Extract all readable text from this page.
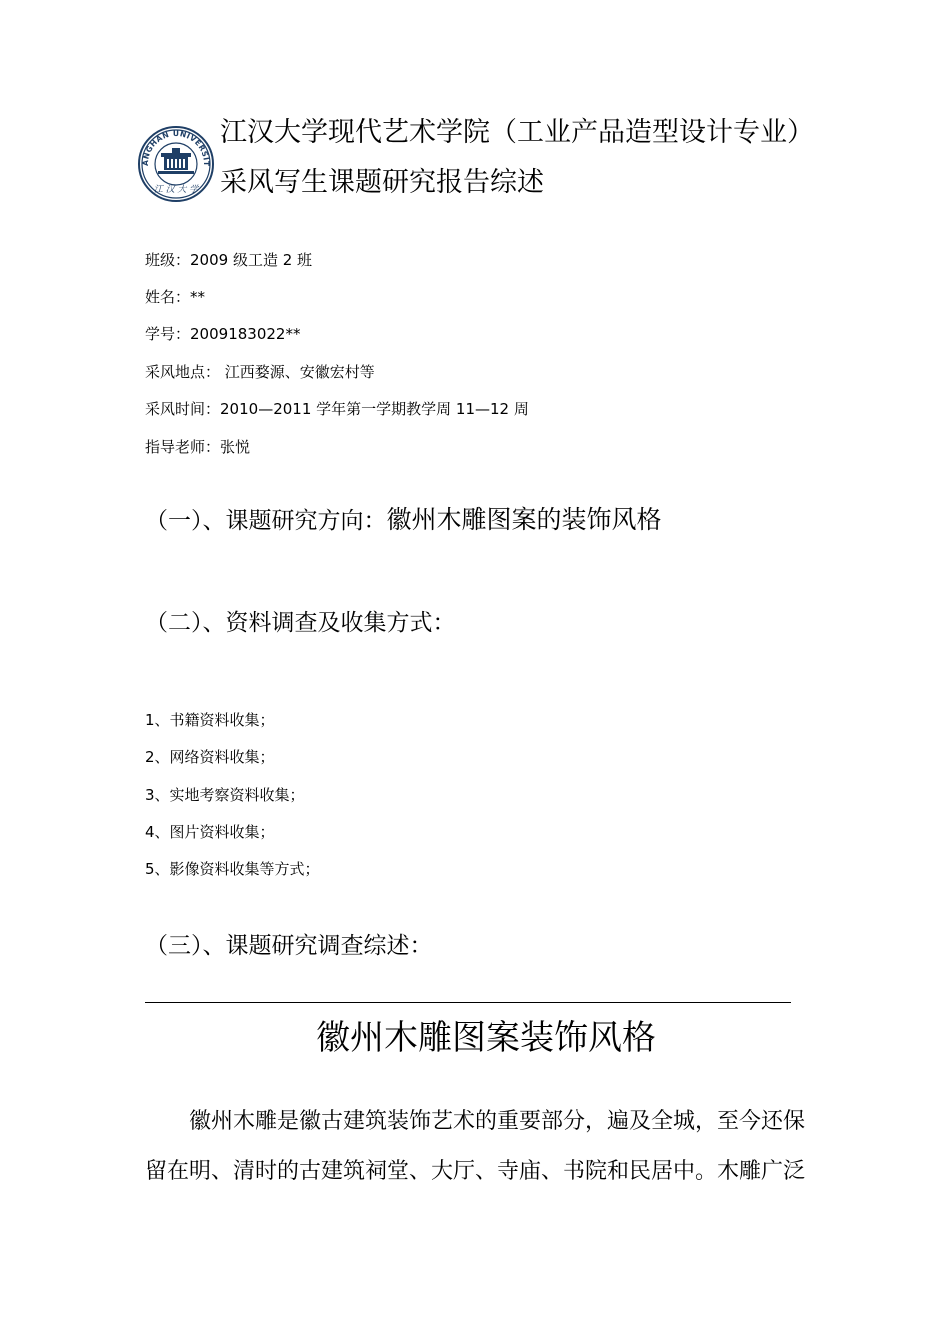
ANGHAN UNIVERSIT
江 汉 大 学
江汉大学现代艺术学院（工业产品造型设计专业）
采风写生课题研究报告综述
班级：2009 级工造 2 班
姓名：**
学号：2009183022**
采风地点： 江西婺源、安徽宏村等
采风时间：2010—2011 学年第一学期教学周 11—12 周
指导老师：张悦
（一）、课题研究方向：徽州木雕图案的装饰风格
（二）、资料调查及收集方式：
1、书籍资料收集；
2、网络资料收集；
3、实地考察资料收集；
4、图片资料收集；
5、影像资料收集等方式；
（三）、课题研究调查综述：
徽州木雕图案装饰风格
徽州木雕是徽古建筑装饰艺术的重要部分，遍及全城，至今还保
留在明、清时的古建筑祠堂、大厅、寺庙、书院和民居中。木雕广泛
